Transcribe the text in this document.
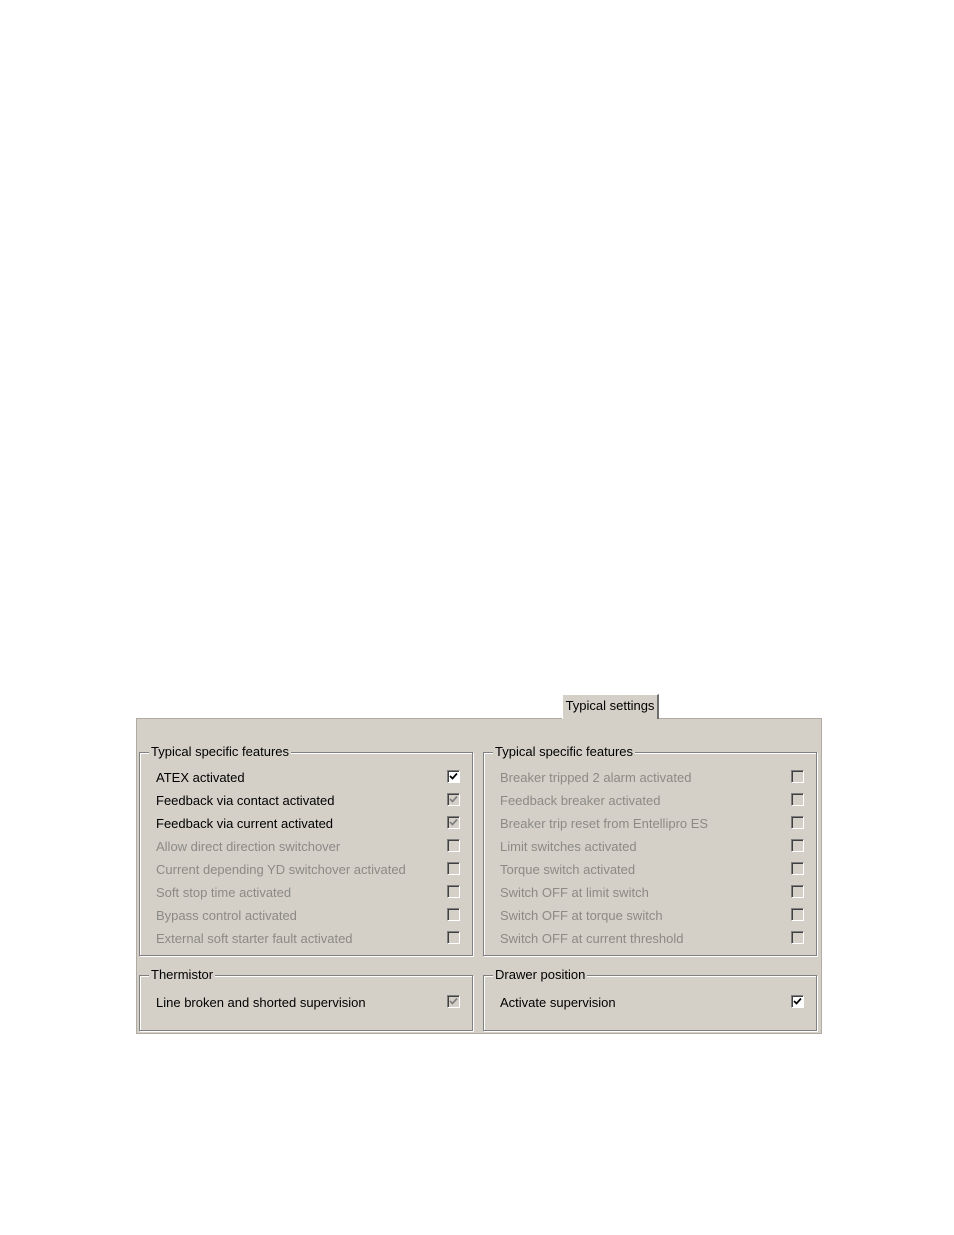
Typical settings
Typical specific features
ATEX activated
Feedback via contact activated
Feedback via current activated
Allow direct direction switchover
Current depending YD switchover activated
Soft stop time activated
Bypass control activated
External soft starter fault activated
Typical specific features
Breaker tripped 2 alarm activated
Feedback breaker activated
Breaker trip reset from Entellipro ES
Limit switches activated
Torque switch activated
Switch OFF at limit switch
Switch OFF at torque switch
Switch OFF at current threshold
Thermistor
Line broken and shorted supervision
Drawer position
Activate supervision
